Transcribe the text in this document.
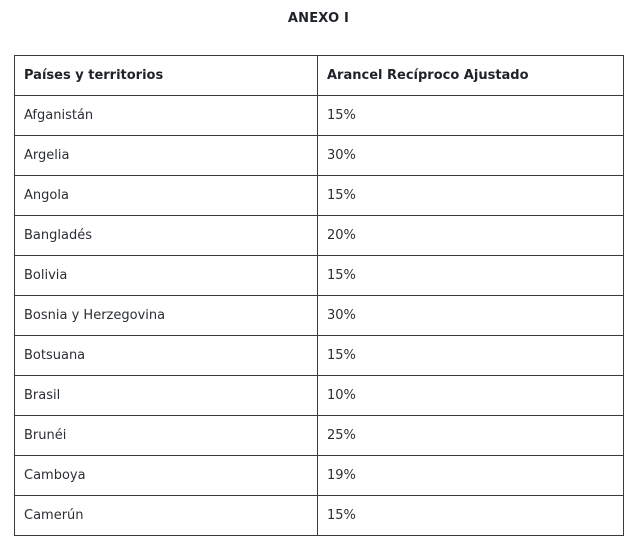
ANEXO I
Países y territorios	Arancel Recíproco Ajustado
Afganistán	15%
Argelia	30%
Angola	15%
Bangladés	20%
Bolivia	15%
Bosnia y Herzegovina	30%
Botsuana	15%
Brasil	10%
Brunéi	25%
Camboya	19%
Camerún	15%
